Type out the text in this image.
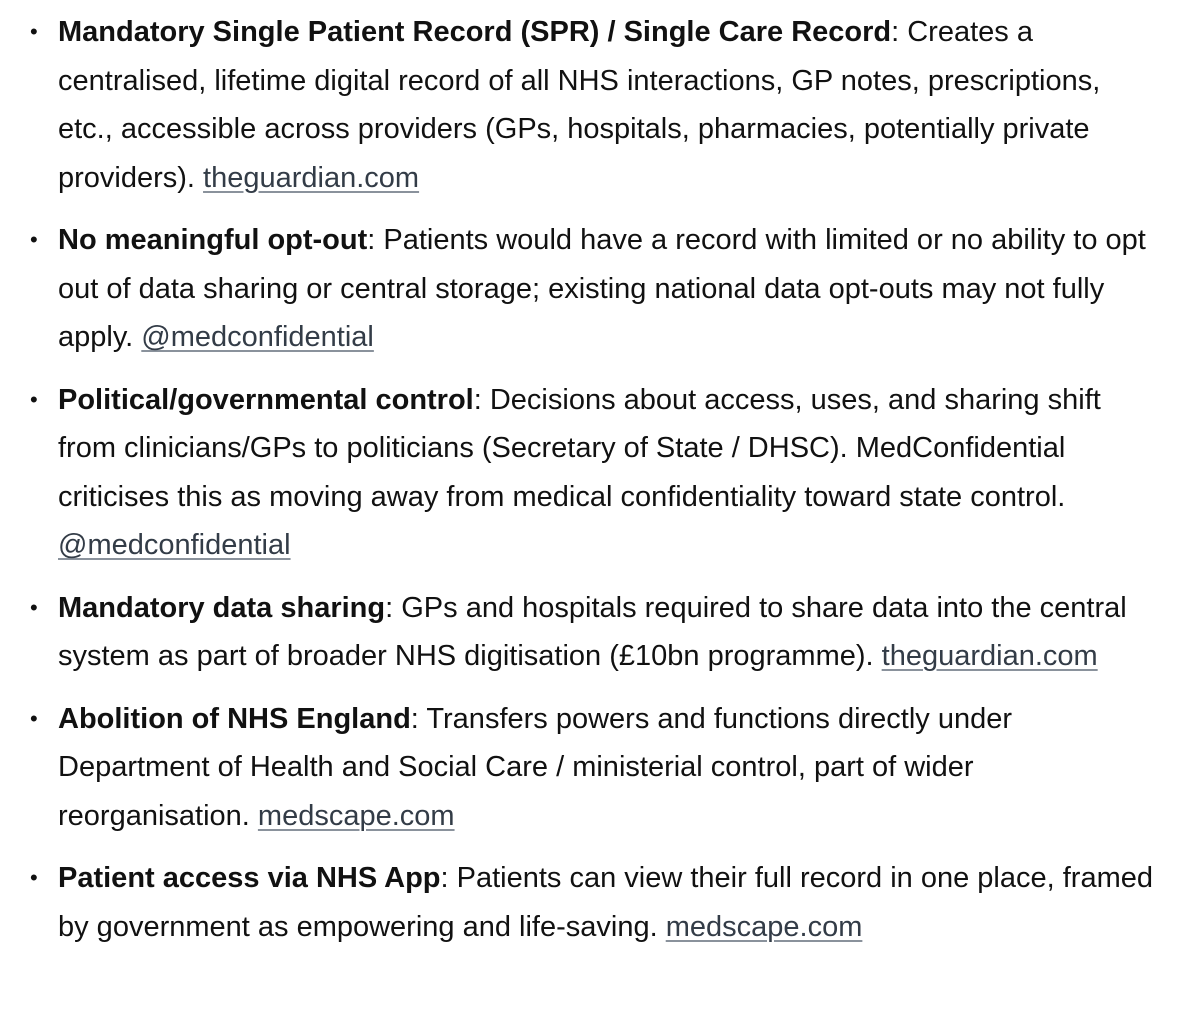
• Mandatory Single Patient Record (SPR) / Single Care Record: Creates a centralised, lifetime digital record of all NHS interactions, GP notes, prescriptions, etc., accessible across providers (GPs, hospitals, pharmacies, potentially private providers). theguardian.com
• No meaningful opt-out: Patients would have a record with limited or no ability to opt out of data sharing or central storage; existing national data opt-outs may not fully apply. @medconfidential
• Political/governmental control: Decisions about access, uses, and sharing shift from clinicians/GPs to politicians (Secretary of State / DHSC). MedConfidential criticises this as moving away from medical confidentiality toward state control. @medconfidential
• Mandatory data sharing: GPs and hospitals required to share data into the central system as part of broader NHS digitisation (£10bn programme). theguardian.com
• Abolition of NHS England: Transfers powers and functions directly under Department of Health and Social Care / ministerial control, part of wider reorganisation. medscape.com
• Patient access via NHS App: Patients can view their full record in one place, framed by government as empowering and life-saving. medscape.com
